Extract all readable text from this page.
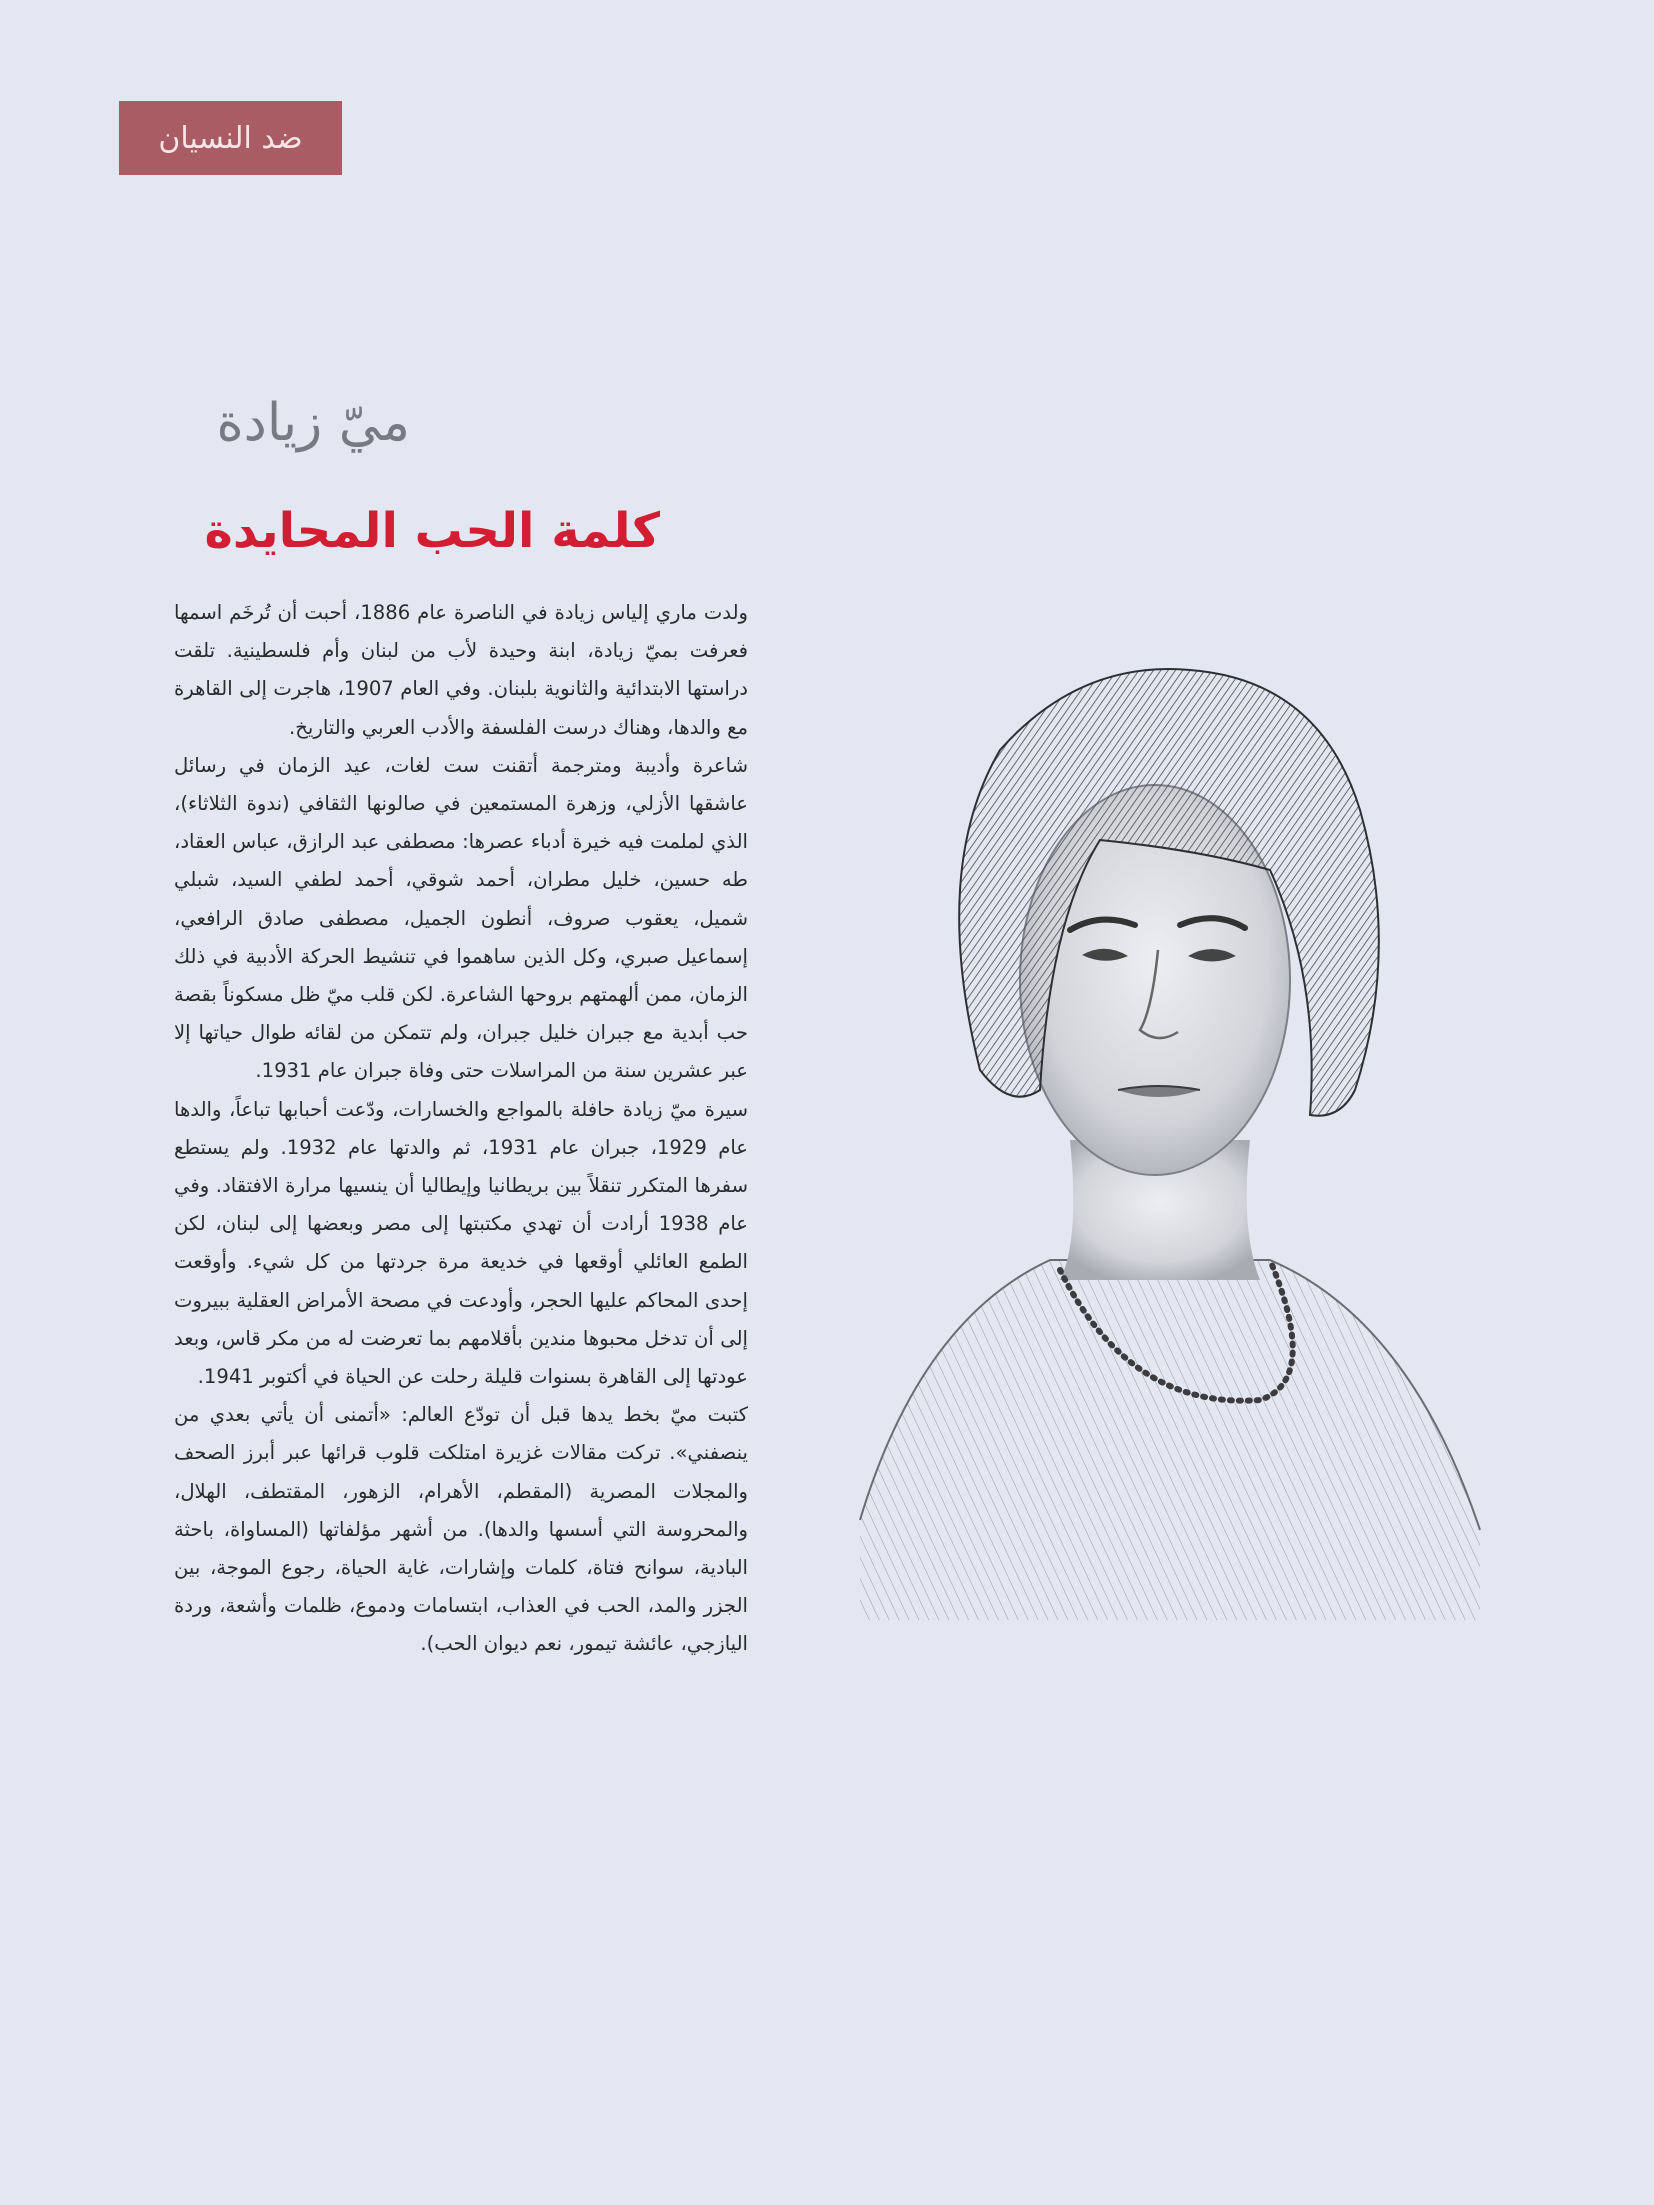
ضد النسيان
ميّ زيادة
كلمة الحب المحايدة

ولدت ماري إلياس زيادة في الناصرة عام 1886، أحبت أن تُرخَم اسمها فعرفت بميّ زيادة، ابنة وحيدة لأب من لبنان وأم فلسطينية. تلقت دراستها الابتدائية والثانوية بلبنان. وفي العام 1907، هاجرت إلى القاهرة مع والدها، وهناك درست الفلسفة والأدب العربي والتاريخ.

شاعرة وأديبة ومترجمة أتقنت ست لغات، عيد الزمان في رسائل عاشقها الأزلي، وزهرة المستمعين في صالونها الثقافي (ندوة الثلاثاء)، الذي لملمت فيه خيرة أدباء عصرها: مصطفى عبد الرازق، عباس العقاد، طه حسين، خليل مطران، أحمد شوقي، أحمد لطفي السيد، شبلي شميل، يعقوب صروف، أنطون الجميل، مصطفى صادق الرافعي، إسماعيل صبري، وكل الذين ساهموا في تنشيط الحركة الأدبية في ذلك الزمان، ممن ألهمتهم بروحها الشاعرة. لكن قلب ميّ ظل مسكوناً بقصة حب أبدية مع جبران خليل جبران، ولم تتمكن من لقائه طوال حياتها إلا عبر عشرين سنة من المراسلات حتى وفاة جبران عام 1931.

سيرة ميّ زيادة حافلة بالمواجع والخسارات، ودّعت أحبابها تباعاً، والدها عام 1929، جبران عام 1931، ثم والدتها عام 1932. ولم يستطع سفرها المتكرر تنقلاً بين بريطانيا وإيطاليا أن ينسيها مرارة الافتقاد. وفي عام 1938 أرادت أن تهدي مكتبتها إلى مصر وبعضها إلى لبنان، لكن الطمع العائلي أوقعها في خديعة مرة جردتها من كل شيء. وأوقعت إحدى المحاكم عليها الحجر، وأودعت في مصحة الأمراض العقلية ببيروت إلى أن تدخل محبوها مندين بأقلامهم بما تعرضت له من مكر قاس، وبعد عودتها إلى القاهرة بسنوات قليلة رحلت عن الحياة في أكتوبر 1941.

كتبت ميّ بخط يدها قبل أن تودّع العالم: «أتمنى أن يأتي بعدي من ينصفني». تركت مقالات غزيرة امتلكت قلوب قرائها عبر أبرز الصحف والمجلات المصرية (المقطم، الأهرام، الزهور، المقتطف، الهلال، والمحروسة التي أسسها والدها). من أشهر مؤلفاتها (المساواة، باحثة البادية، سوانح فتاة، كلمات وإشارات، غاية الحياة، رجوع الموجة، بين الجزر والمد، الحب في العذاب، ابتسامات ودموع، ظلمات وأشعة، وردة اليازجي، عائشة تيمور، نعم ديوان الحب).
